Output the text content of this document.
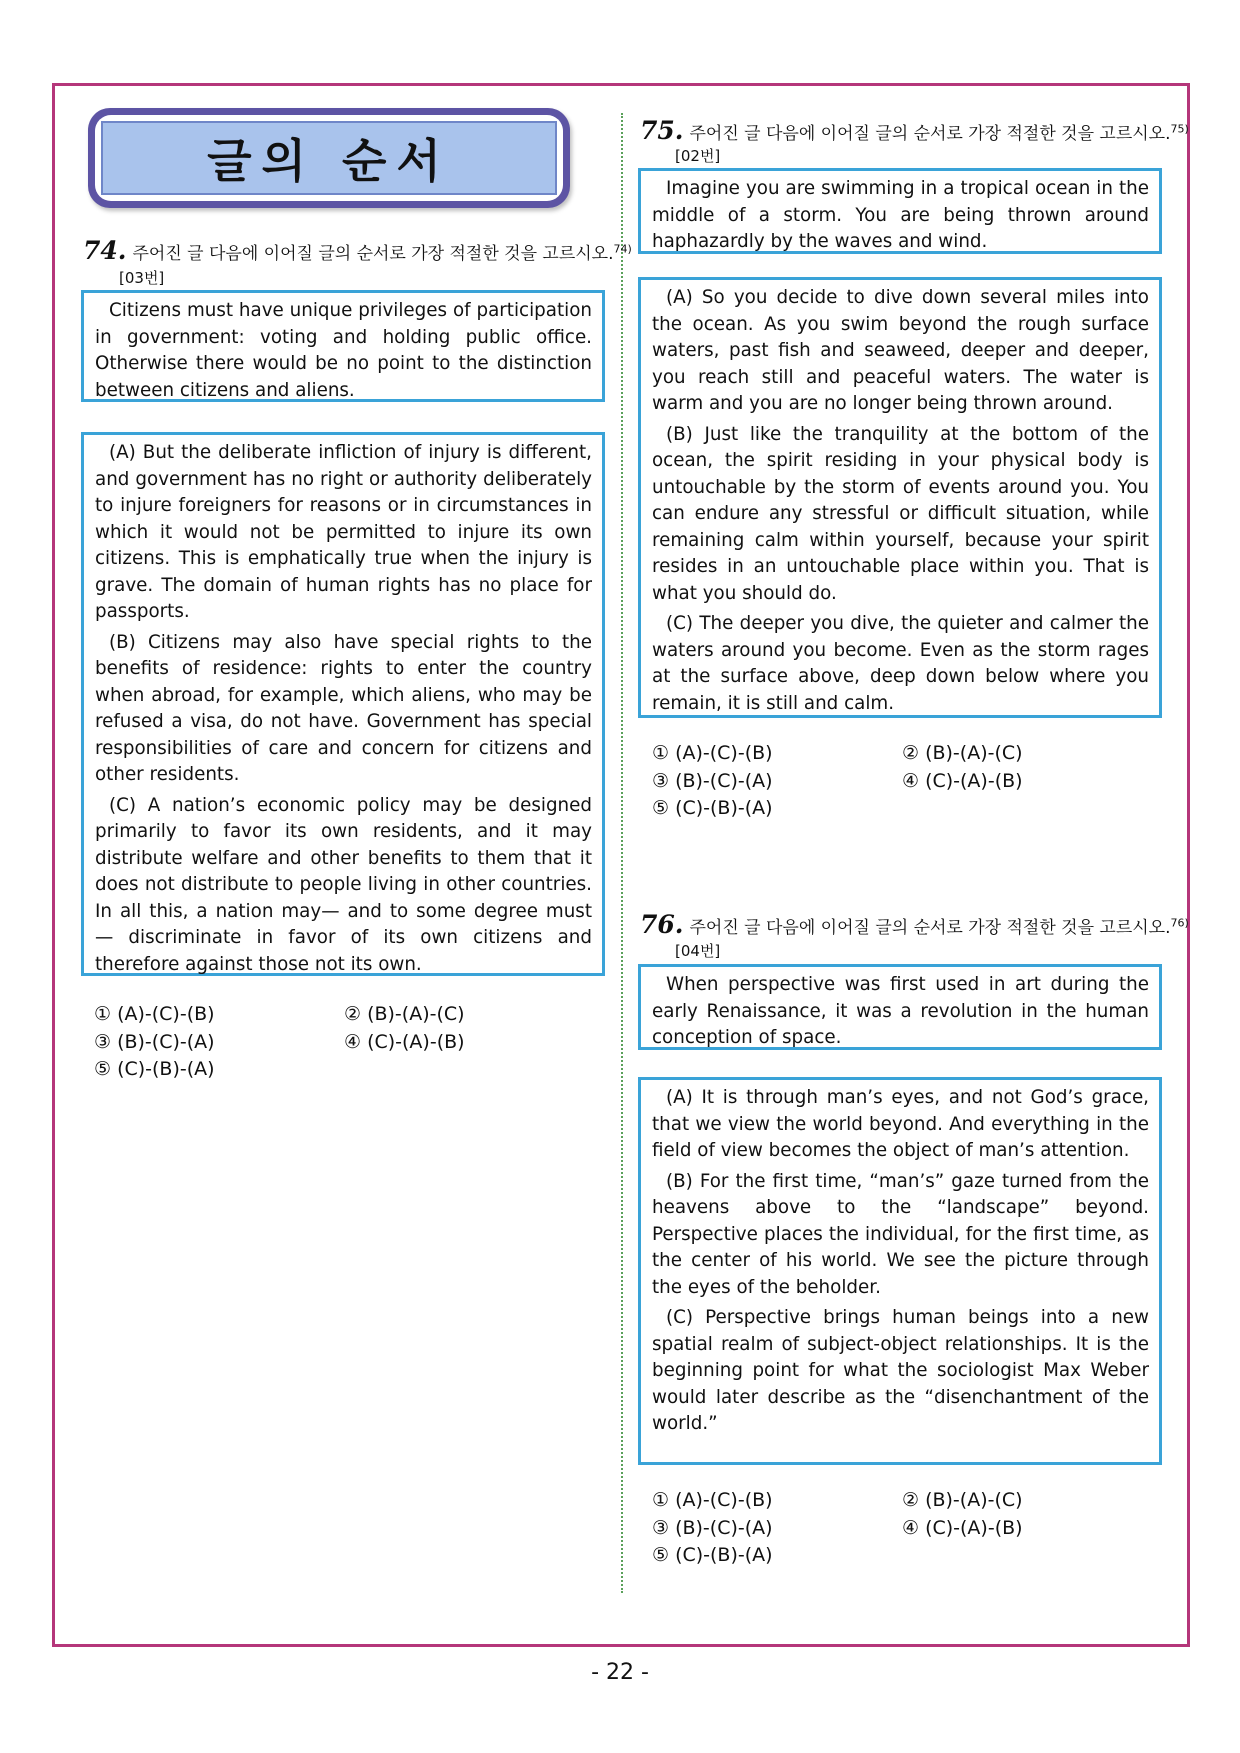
글의 순서
74. 주어진 글 다음에 이어질 글의 순서로 가장 적절한 것을 고르시오.$^{74)}$
[03번]

Citizens must have unique privileges of participation in government: voting and holding public office. Otherwise there would be no point to the distinction between citizens and aliens.

(A) But the deliberate infliction of injury is different, and government has no right or authority deliberately to injure foreigners for reasons or in circumstances in which it would not be permitted to injure its own citizens. This is emphatically true when the injury is grave. The domain of human rights has no place for passports.

(B) Citizens may also have special rights to the benefits of residence: rights to enter the country when abroad, for example, which aliens, who may be refused a visa, do not have. Government has special responsibilities of care and concern for citizens and other residents.

(C) A nation’s economic policy may be designed primarily to favor its own residents, and it may distribute welfare and other benefits to them that it does not distribute to people living in other countries. In all this, a nation may— and to some degree must — discriminate in favor of its own citizens and therefore against those not its own.

① (A)-(C)-(B)	② (B)-(A)-(C)
③ (B)-(C)-(A)	④ (C)-(A)-(B)
⑤ (C)-(B)-(A)
75. 주어진 글 다음에 이어질 글의 순서로 가장 적절한 것을 고르시오.$^{75)}$
[02번]

Imagine you are swimming in a tropical ocean in the middle of a storm. You are being thrown around haphazardly by the waves and wind.

(A) So you decide to dive down several miles into the ocean. As you swim beyond the rough surface waters, past fish and seaweed, deeper and deeper, you reach still and peaceful waters. The water is warm and you are no longer being thrown around.

(B) Just like the tranquility at the bottom of the ocean, the spirit residing in your physical body is untouchable by the storm of events around you. You can endure any stressful or difficult situation, while remaining calm within yourself, because your spirit resides in an untouchable place within you. That is what you should do.

(C) The deeper you dive, the quieter and calmer the waters around you become. Even as the storm rages at the surface above, deep down below where you remain, it is still and calm.

① (A)-(C)-(B)	② (B)-(A)-(C)
③ (B)-(C)-(A)	④ (C)-(A)-(B)
⑤ (C)-(B)-(A)
76. 주어진 글 다음에 이어질 글의 순서로 가장 적절한 것을 고르시오.$^{76)}$
[04번]

When perspective was first used in art during the early Renaissance, it was a revolution in the human conception of space.

(A) It is through man’s eyes, and not God’s grace, that we view the world beyond. And everything in the field of view becomes the object of man’s attention.

(B) For the first time, “man’s” gaze turned from the heavens above to the “landscape” beyond. Perspective places the individual, for the first time, as the center of his world. We see the picture through the eyes of the beholder.

(C) Perspective brings human beings into a new spatial realm of subject-object relationships. It is the beginning point for what the sociologist Max Weber would later describe as the “disenchantment of the world.”

① (A)-(C)-(B)	② (B)-(A)-(C)
③ (B)-(C)-(A)	④ (C)-(A)-(B)
⑤ (C)-(B)-(A)
- 22 -
